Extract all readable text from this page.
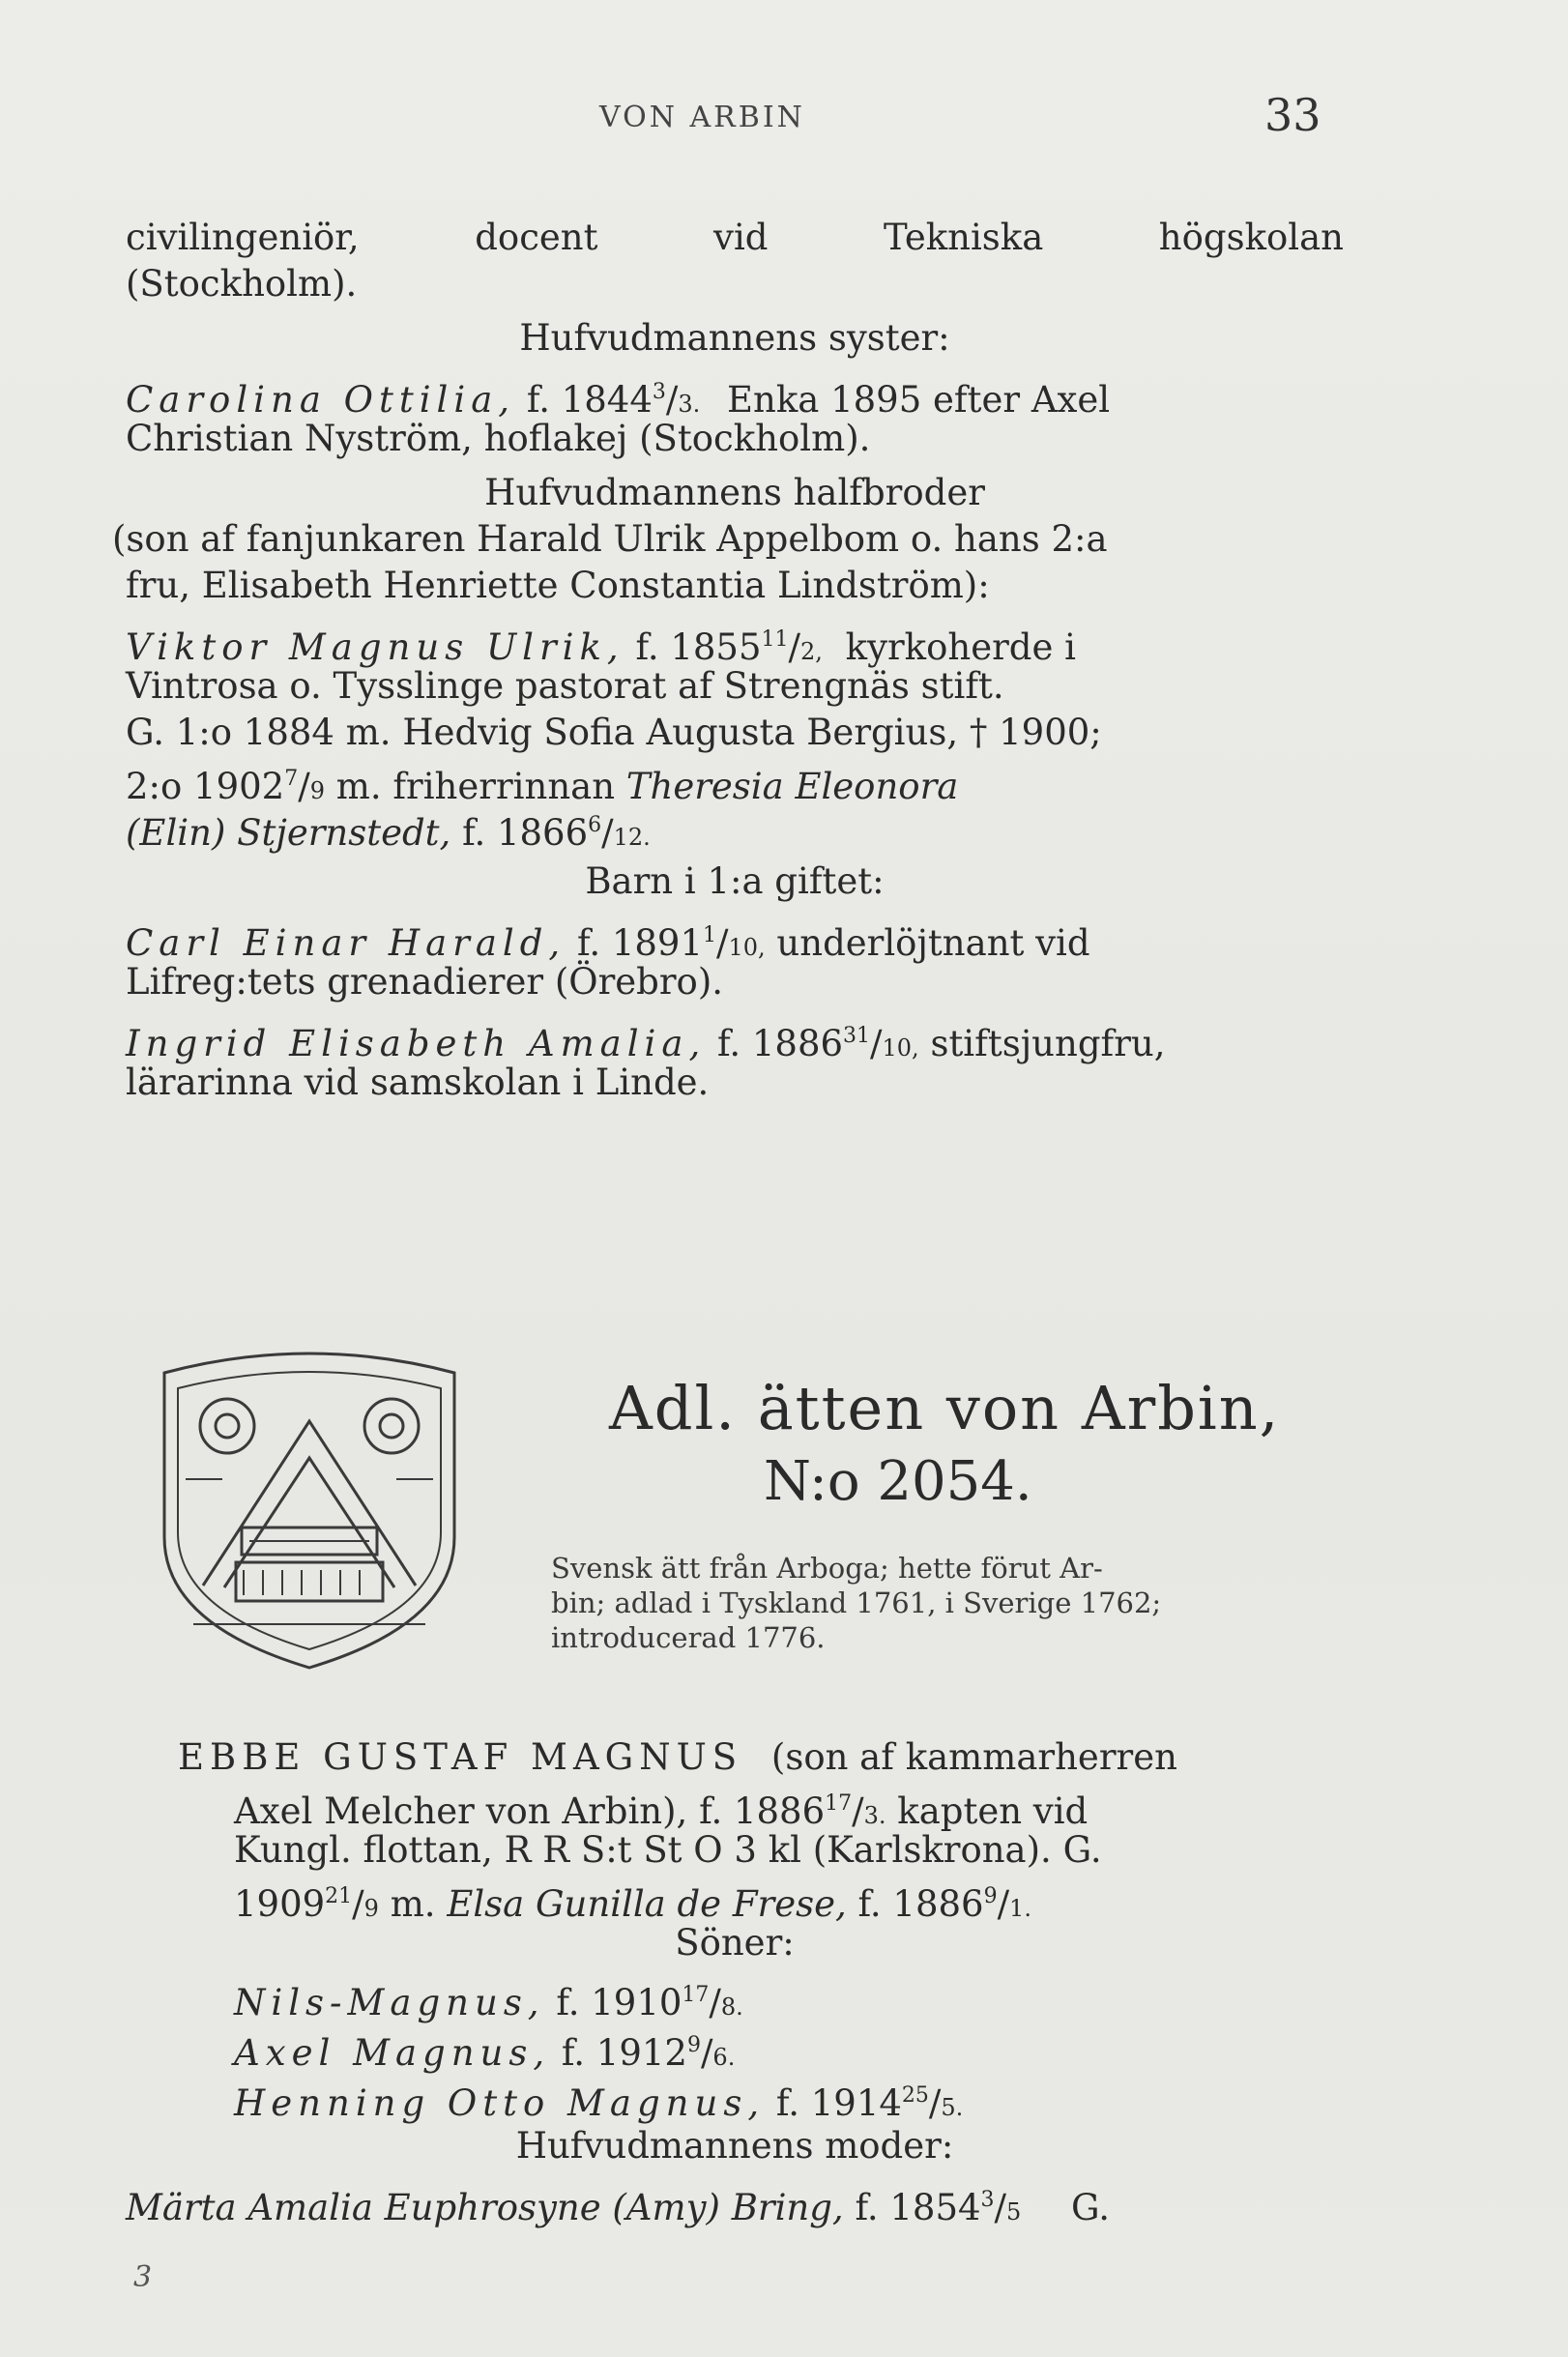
VON ARBIN	33
civilingeniör, docent vid Tekniska högskolan
(Stockholm).
Hufvudmannens syster:
Carolina Ottilia, f. 1844$^3$/3. Enka 1895 efter Axel
Christian Nyström, hoflakej (Stockholm).
Hufvudmannens halfbroder
(son af fanjunkaren Harald Ulrik Appelbom o. hans 2:a
fru, Elisabeth Henriette Constantia Lindström):
Viktor Magnus Ulrik, f. 1855$^{11}$/2, kyrkoherde i
Vintrosa o. Tysslinge pastorat af Strengnäs stift.
G. 1:o 1884 m. Hedvig Sofia Augusta Bergius, † 1900;
2:o 1902$^7$/9 m. friherrinnan Theresia Eleonora
(Elin) Stjernstedt, f. 1866$^6$/12.
Barn i 1:a giftet:
Carl Einar Harald, f. 1891$^1$/10, underlöjtnant vid
Lifreg:tets grenadierer (Örebro).
Ingrid Elisabeth Amalia, f. 1886$^{31}$/10, stiftsjungfru,
lärarinna vid samskolan i Linde.
Adl. ätten von Arbin,
N:o 2054.
Svensk ätt från Arboga; hette förut Ar-
bin; adlad i Tyskland 1761, i Sverige 1762;
introducerad 1776.
EBBE GUSTAF MAGNUS (son af kammarherren
Axel Melcher von Arbin), f. 1886$^{17}$/3. kapten vid
Kungl. flottan, R R S:t St O 3 kl (Karlskrona). G.
1909$^{21}$/9 m. Elsa Gunilla de Frese, f. 1886$^9$/1.
Söner:
Nils-Magnus, f. 1910$^{17}$/8.
Axel Magnus, f. 1912$^9$/6.
Henning Otto Magnus, f. 1914$^{25}$/5.
Hufvudmannens moder:
Märta Amalia Euphrosyne (Amy) Bring, f. 1854$^3$/5 G.
3
